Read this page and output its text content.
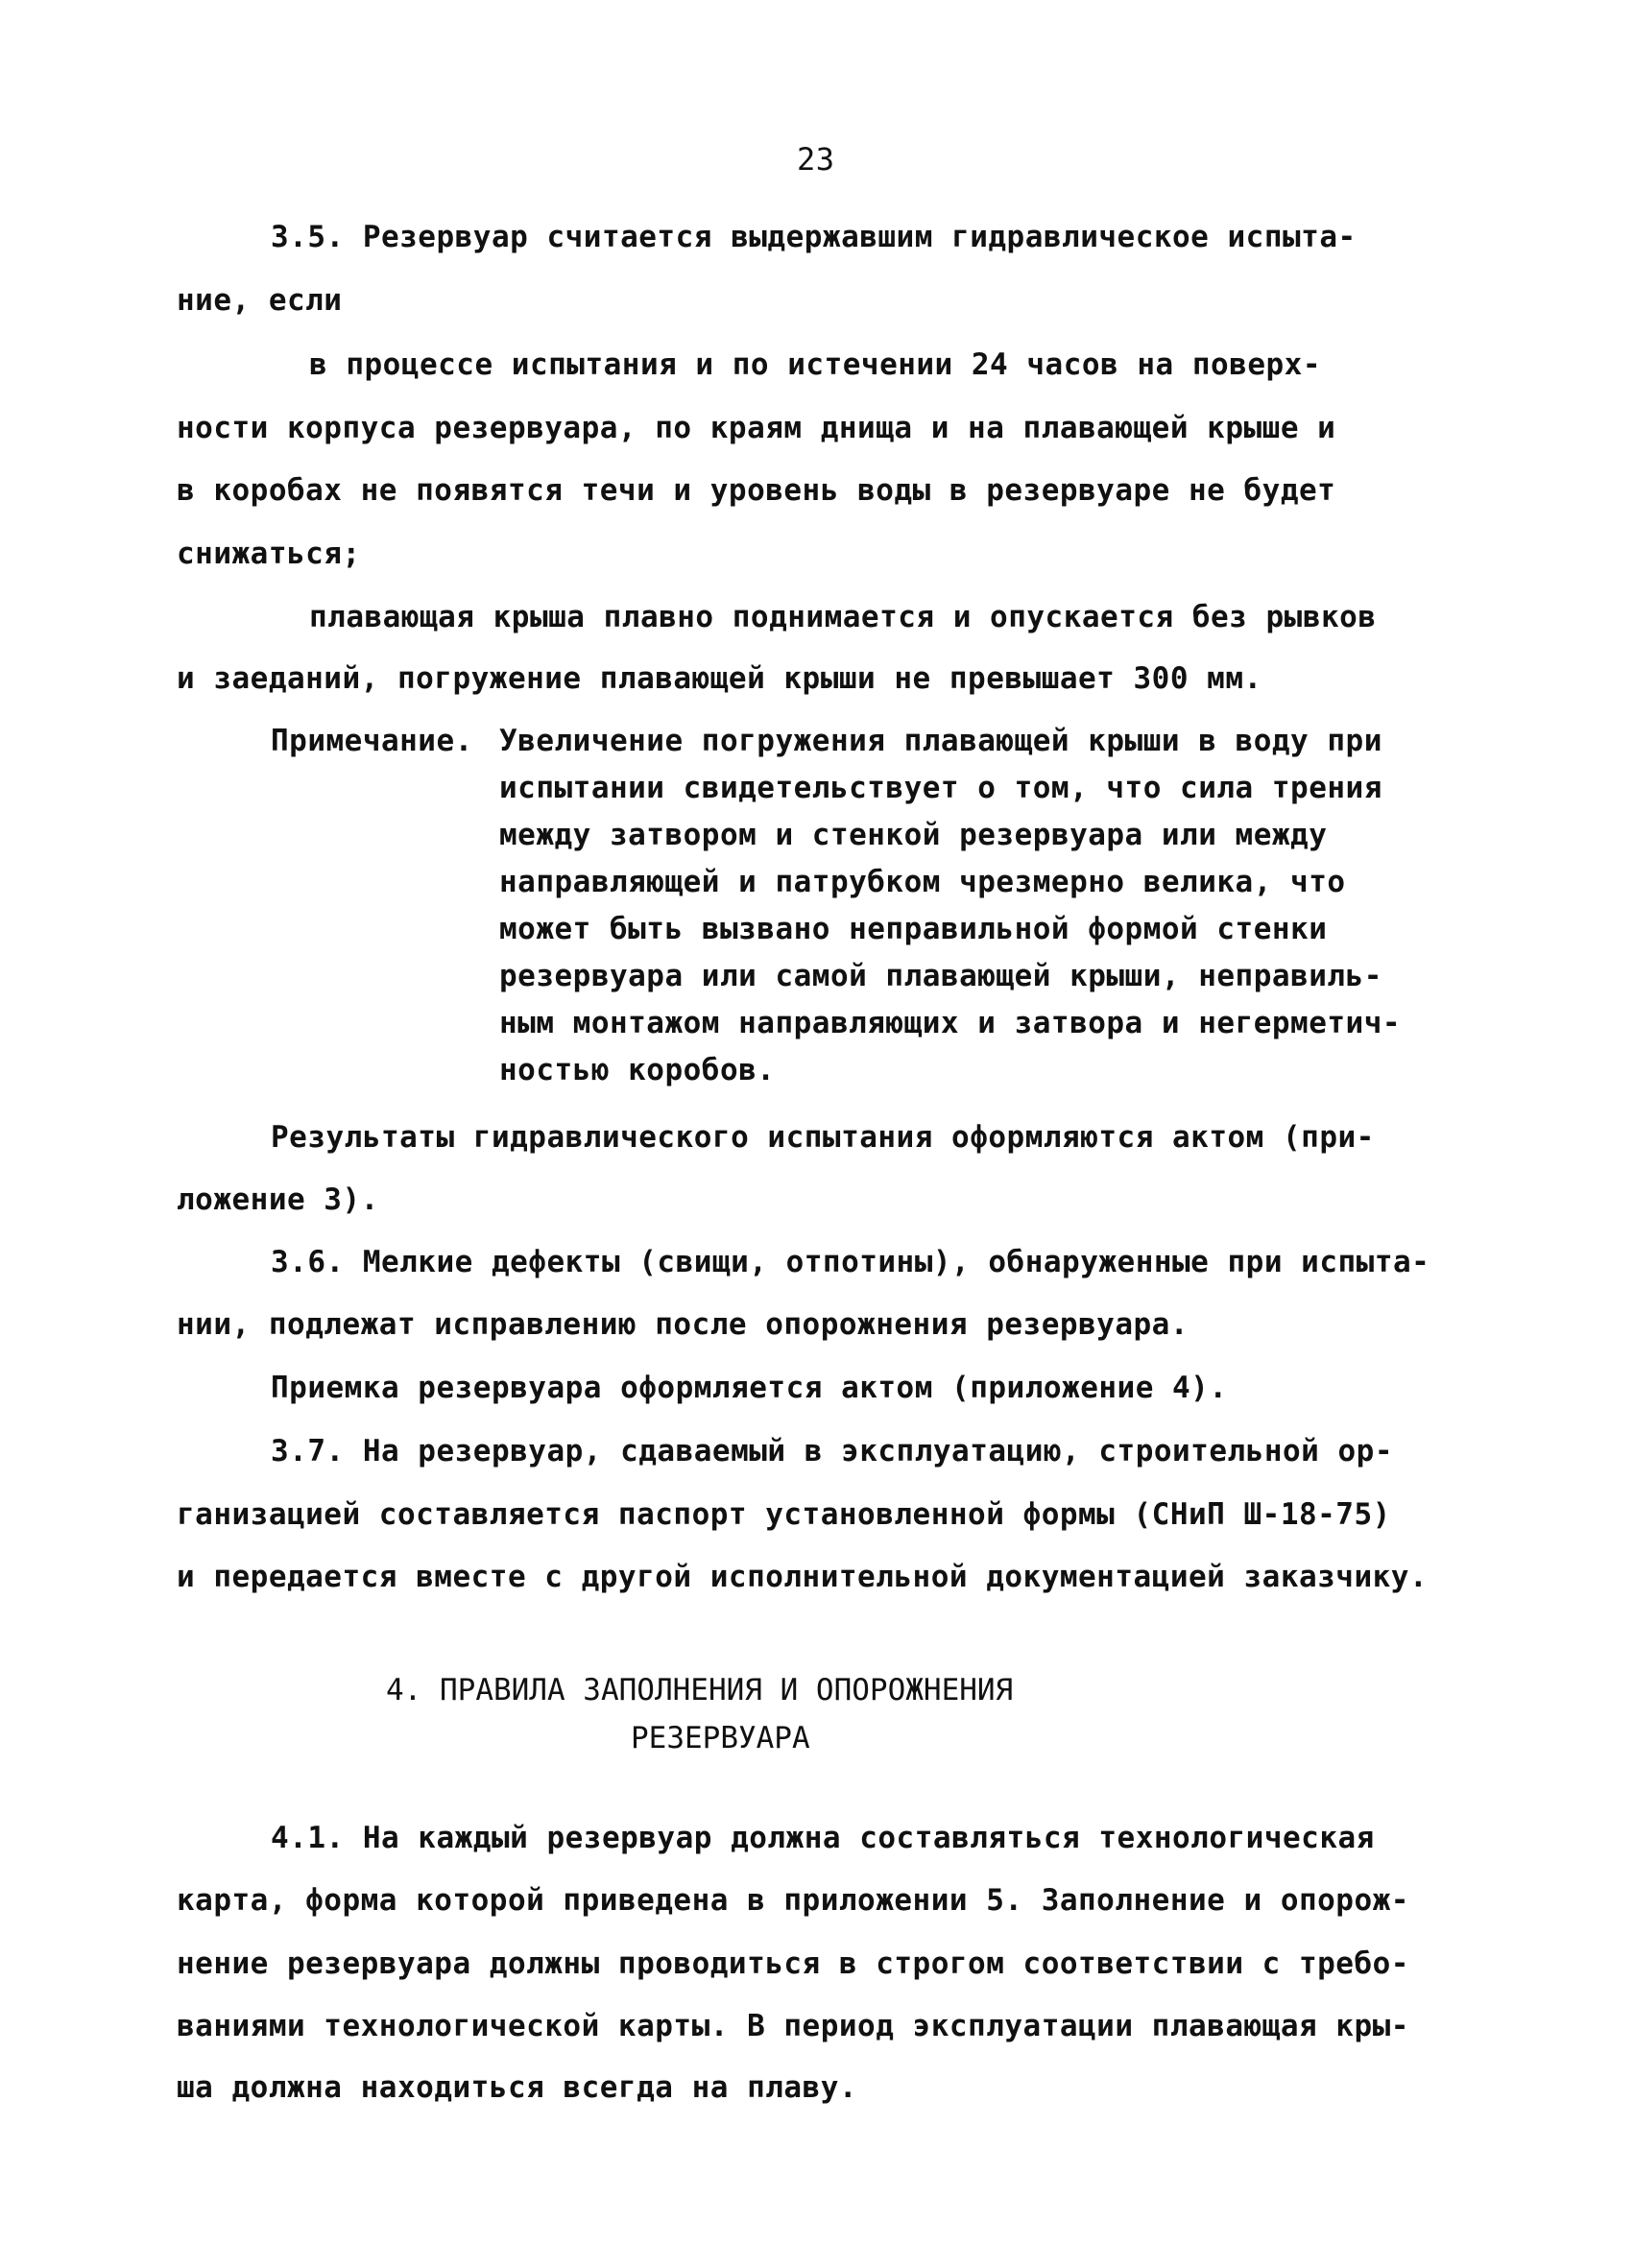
23
3.5. Резервуар считается выдержавшим гидравлическое испыта-
ние, если
в процессе испытания и по истечении 24 часов на поверх-
ности корпуса резервуара, по краям днища и на плавающей крыше и
в коробах не появятся течи и уровень воды в резервуаре не будет
снижаться;
плавающая крыша плавно поднимается и опускается без рывков
и заеданий, погружение плавающей крыши не превышает 300 мм.
Примечание. Увеличение погружения плавающей крыши в воду при
испытании свидетельствует о том, что сила трения
между затвором и стенкой резервуара или между
направляющей и патрубком чрезмерно велика, что
может быть вызвано неправильной формой стенки
резервуара или самой плавающей крыши, неправиль-
ным монтажом направляющих и затвора и негерметич-
ностью коробов.
Результаты гидравлического испытания оформляются актом (при-
ложение 3).
3.6. Мелкие дефекты (свищи, отпотины), обнаруженные при испыта-
нии, подлежат исправлению после опорожнения резервуара.
Приемка резервуара оформляется актом (приложение 4).
3.7. На резервуар, сдаваемый в эксплуатацию, строительной ор-
ганизацией составляется паспорт установленной формы (СНиП Ш-18-75)
и передается вместе с другой исполнительной документацией заказчику.
4. ПРАВИЛА ЗАПОЛНЕНИЯ И ОПОРОЖНЕНИЯ
РЕЗЕРВУАРА
4.1. На каждый резервуар должна составляться технологическая
карта, форма которой приведена в приложении 5. Заполнение и опорож-
нение резервуара должны проводиться в строгом соответствии с требо-
ваниями технологической карты. В период эксплуатации плавающая кры-
ша должна находиться всегда на плаву.
